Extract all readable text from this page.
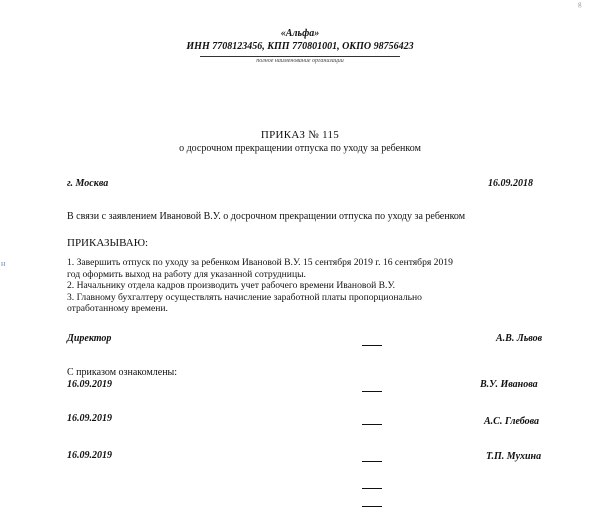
g
н
«Альфа»
ИНН 7708123456, КПП 770801001, ОКПО 98756423
полное наименование организации
ПРИКАЗ № 115
о досрочном прекращении отпуска по уходу за ребенком
г. Москва	16.09.2018
В связи с заявлением Ивановой В.У. о досрочном прекращении отпуска по уходу за ребенком
ПРИКАЗЫВАЮ:
1. Завершить отпуск по уходу за ребенком Ивановой В.У. 15 сентября 2019 г. 16 сентября 2019
год оформить выход на работу для указанной сотрудницы.
2. Начальнику отдела кадров производить учет рабочего времени Ивановой В.У.
3. Главному бухгалтеру осуществлять начисление заработной платы пропорционально
отработанному времени.
Директор	А.В. Львов
С приказом ознакомлены:
16.09.2019	В.У. Иванова
16.09.2019	А.С. Глебова
16.09.2019	Т.П. Мухина
